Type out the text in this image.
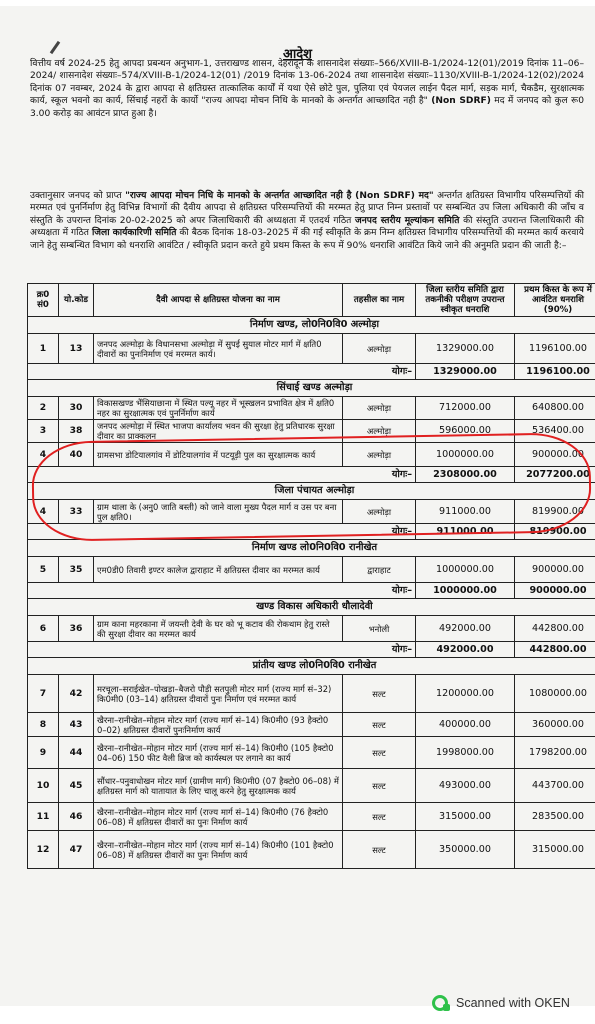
आदेश
वित्तीय वर्ष 2024-25 हेतु आपदा प्रबन्धन अनुभाग-1, उत्तराखण्ड शासन, देहरादून के शासनादेश संख्याः–566/XVIII-B-1/2024-12(01)/2019 दिनांक 11–06–2024/ शासनादेश संख्याः–574/XVIII-B-1/2024-12(01) /2019 दिनांक 13-06-2024 तथा शासनादेश संख्याः–1130/XVIII-B-1/2024-12(02)/2024 दिनांक 07 नवम्बर, 2024 के द्वारा आपदा से क्षतिग्रस्त तात्कालिक कार्यों में यथा ऐसे छोटे पुल, पुलिया एवं पेयजल लाईन पैदल मार्ग, सड़क मार्ग, चैकडैम, सुरक्षात्मक कार्य, स्कूल भवनो का कार्य, सिंचाई नहरों के कार्यो "राज्य आपदा मोचन निधि के मानको के अन्तर्गत आच्छादित नही है" (Non SDRF) मद में जनपद को कुल रू0 3.00 करोड़ का आवंटन प्राप्त हुआ है।
उक्तानुसार जनपद को प्राप्त "राज्य आपदा मोचन निधि के मानको के अन्तर्गत आच्छादित नही है (Non SDRF) मद" अन्तर्गत क्षतिग्रस्त विभागीय परिसम्पत्तियों की मरम्मत एवं पुनर्निर्माण हेतु विभिन्न विभागों की दैवीय आपदा से क्षतिग्रस्त परिसम्पत्तियों की मरम्मत हेतु प्राप्त निम्न प्रस्तावों पर सम्बन्धित उप जिला अधिकारी की जाँच व संस्तुति के उपरान्त दिनांक 20-02-2025 को अपर जिलाधिकारी की अध्यक्षता में एतदर्थ गठित जनपद स्तरीय मूल्यांकन समिति की संस्तुति उपरान्त जिलाधिकारी की अध्यक्षता में गठित जिला कार्यकारिणी समिति की बैठक दिनांक 18-03-2025 में की गई स्वीकृति के क्रम निम्न क्षतिग्रस्त विभागीय परिसम्पत्तियों की मरम्मत कार्य करवाये जाने हेतु सम्बन्धित विभाग को धनराशि आवंटित / स्वीकृति प्रदान करते हुये प्रथम किस्त के रूप में 90% धनराशि आवंटित किये जाने की अनुमति प्रदान की जाती है:–
क्र0 सं0	यो.कोड	दैवी आपदा से क्षतिग्रस्त योजना का नाम	तहसील का नाम	जिला स्तरीय समिति द्वारा तकनीकी परीक्षण उपरान्त स्वीकृत धनराशि	प्रथम किस्त के रूप में आवंटित धनराशि (90%)
निर्माण खण्ड, लो0नि0वि0 अल्मोड़ा					
1	13	जनपद अल्मोड़ा के विधानसभा अल्मोड़ा में सुपई सुयाल मोटर मार्ग में क्षति0 दीवारों का पुनःनिर्माण एवं मरम्मत कार्य।	अल्मोड़ा	1329000.00	1196100.00
योगः–				1329000.00	1196100.00
सिंचाई खण्ड अल्मोड़ा					
2	30	विकासखण्ड भैंसियाछाना में स्थित पल्यू नहर में भूस्खलन प्रभावित क्षेत्र में क्षति0 नहर का सुरक्षात्मक एवं पुनर्निर्माण कार्य	अल्मोड़ा	712000.00	640800.00
3	38	जनपद अल्मोड़ा में स्थित भाजपा कार्यालय भवन की सुरक्षा हेतु प्रतिधारक सुरक्षा दीवार का प्राक्कलन	अल्मोड़ा	596000.00	536400.00
4	40	ग्रामसभा डोटियालगांव में डोटियालगांव में पटयूड़ी पुल का सुरक्षात्मक कार्य	अल्मोड़ा	1000000.00	900000.00
योगः–				2308000.00	2077200.00
जिला पंचायत अल्मोड़ा					
4	33	ग्राम थाला के (अनु0 जाति बस्ती) को जाने वाला मुख्य पैदल मार्ग व उस पर बना पुल क्षति0।	अल्मोड़ा	911000.00	819900.00
योगः–				911000.00	819900.00
निर्माण खण्ड लो0नि0वि0 रानीखेत					
5	35	एम0डी0 तिवारी इण्टर कालेज द्वाराहाट में क्षतिग्रस्त दीवार का मरम्मत कार्य	द्वाराहाट	1000000.00	900000.00
योगः–				1000000.00	900000.00
खण्ड विकास अधिकारी धौलादेवी					
6	36	ग्राम काना महरकाना में जयन्ती देवी के घर को भू कटाव की रोकथाम हेतु रास्ते की सुरक्षा दीवार का मरम्मत कार्य	भनोली	492000.00	442800.00
योगः–				492000.00	442800.00
प्रांतीय खण्ड लो0नि0वि0 रानीखेत					
7	42	मरचूला–सराईखेत–पोखड़ा–बैजरो पौड़ी सतपुली मोटर मार्ग (राज्य मार्ग सं–32) कि0मी0 (03–14) क्षतिग्रस्त दीवारों पुनः निर्माण एवं मरम्मत कार्य	सल्ट	1200000.00	1080000.00
8	43	खैरना–रानीखेत–मोहान मोटर मार्ग (राज्य मार्ग सं–14) कि0मी0 (93 हैक्टो0 0–02) क्षतिग्रस्त दीवारों पुनःनिर्माण कार्य	सल्ट	400000.00	360000.00
9	44	खैरना–रानीखेत–मोहान मोटर मार्ग (राज्य मार्ग सं–14) कि0मी0 (105 हैक्टो0 04–06) 150 फीट वैली ब्रिज को कार्यस्थल पर लगाने का कार्य	सल्ट	1998000.00	1798200.00
10	45	सौंधार–पनुवाधोखन मोटर मार्ग (ग्रामीण मार्ग) कि0मी0 (07 हैक्टो0 06–08) में क्षतिग्रस्त मार्ग को यातायात के लिए चालू करने हेतु सुरक्षात्मक कार्य	सल्ट	493000.00	443700.00
11	46	खैरना–रानीखेत–मोहान मोटर मार्ग (राज्य मार्ग सं–14) कि0मी0 (76 हैक्टो0 06–08) में क्षतिग्रस्त दीवारों का पुनः निर्माण कार्य	सल्ट	315000.00	283500.00
12	47	खैरना–रानीखेत–मोहान मोटर मार्ग (राज्य मार्ग सं–14) कि0मी0 (101 हैक्टो0 06–08) में क्षतिग्रस्त दीवारों का पुनः निर्माण कार्य	सल्ट	350000.00	315000.00
Scanned with OKEN
